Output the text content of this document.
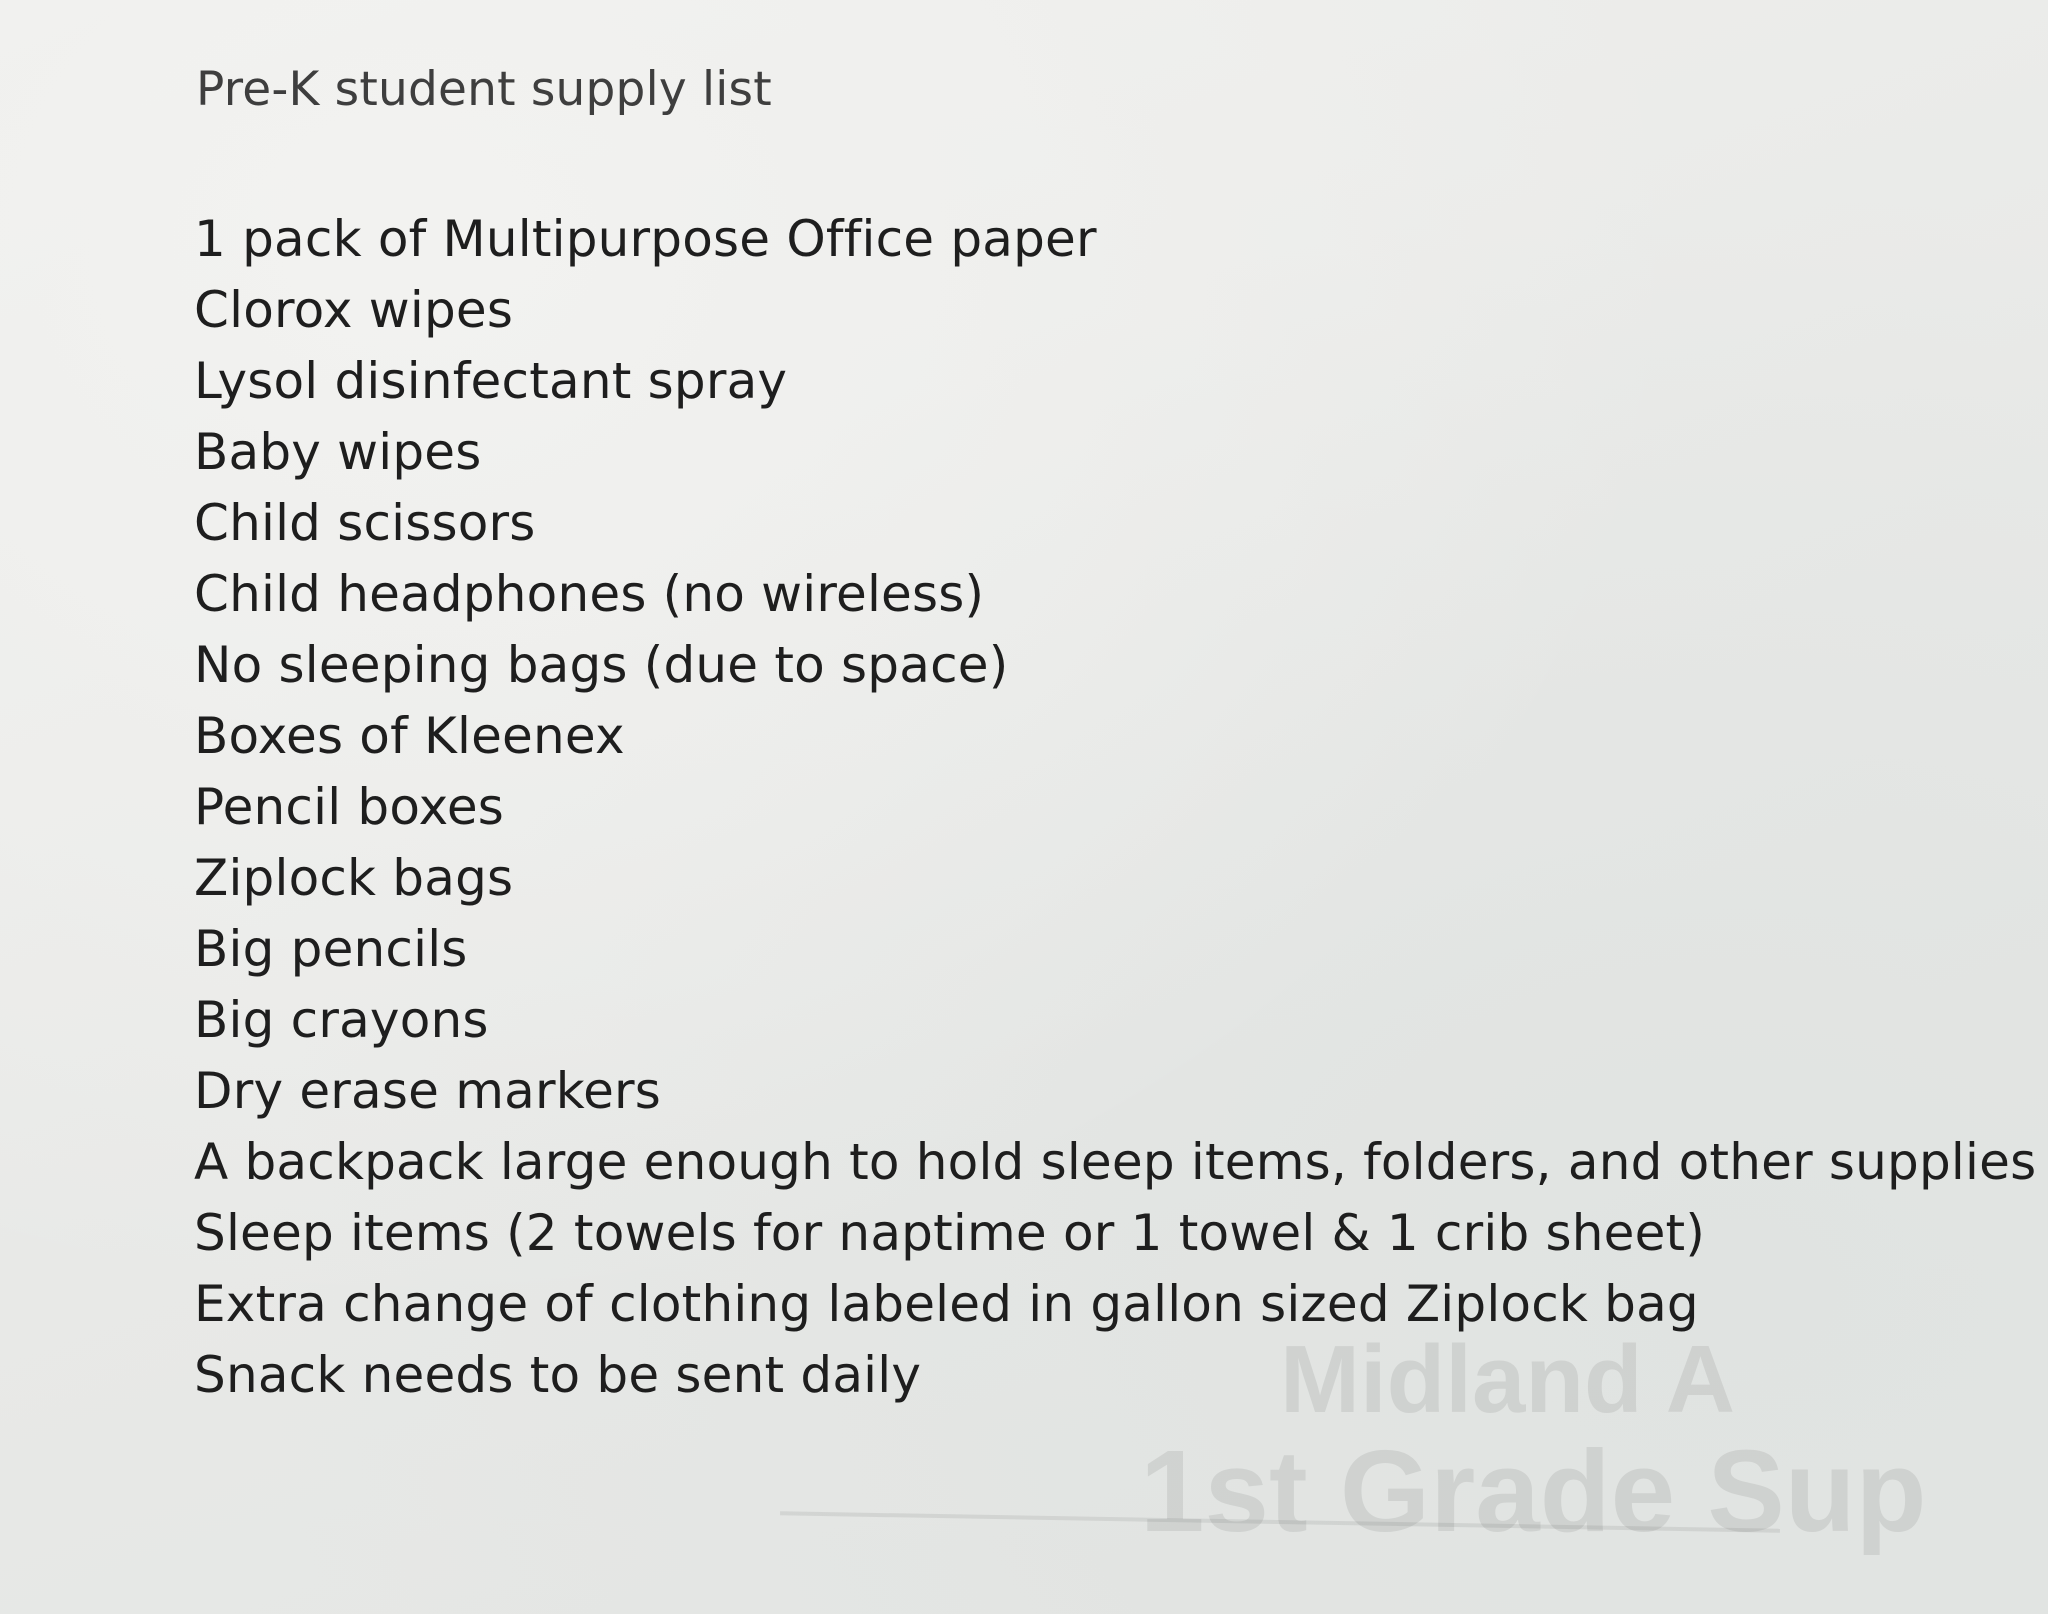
Midland A
1st Grade Sup
Pre-K student supply list
1 pack of Multipurpose Office paper
Clorox wipes
Lysol disinfectant spray
Baby wipes
Child scissors
Child headphones (no wireless)
No sleeping bags (due to space)
Boxes of Kleenex
Pencil boxes
Ziplock bags
Big pencils
Big crayons
Dry erase markers
A backpack large enough to hold sleep items, folders, and other supplies
Sleep items (2 towels for naptime or 1 towel & 1 crib sheet)
Extra change of clothing labeled in gallon sized Ziplock bag
Snack needs to be sent daily
